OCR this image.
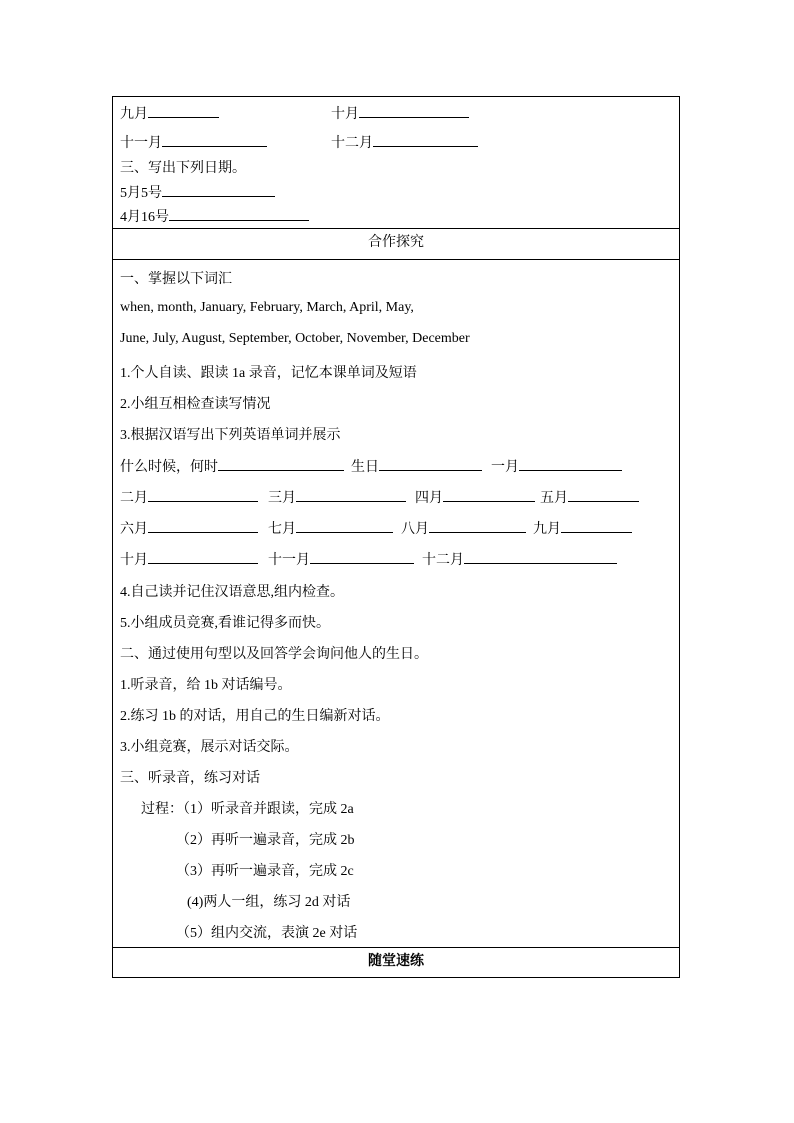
九月	十月
十一月	十二月
三、写出下列日期。
5月5号
4月16号
合作探究
一、掌握以下词汇
when, month, January, February, March, April, May,
June, July, August, September, October, November, December
1.个人自读、跟读 1a 录音，记忆本课单词及短语
2.小组互相检查读写情况
3.根据汉语写出下列英语单词并展示
什么时候，何时	生日	一月
二月	三月	四月	五月
六月	七月	八月	九月
十月	十一月	十二月
4.自己读并记住汉语意思,组内检查。
5.小组成员竞赛,看谁记得多而快。
二、通过使用句型以及回答学会询问他人的生日。
1.听录音，给 1b 对话编号。
2.练习 1b 的对话，用自己的生日编新对话。
3.小组竞赛，展示对话交际。
三、听录音，练习对话
过程：（1）听录音并跟读，完成 2a
（2）再听一遍录音，完成 2b
（3）再听一遍录音，完成 2c
(4)两人一组，练习 2d 对话
（5）组内交流，表演 2e 对话
随堂速练
